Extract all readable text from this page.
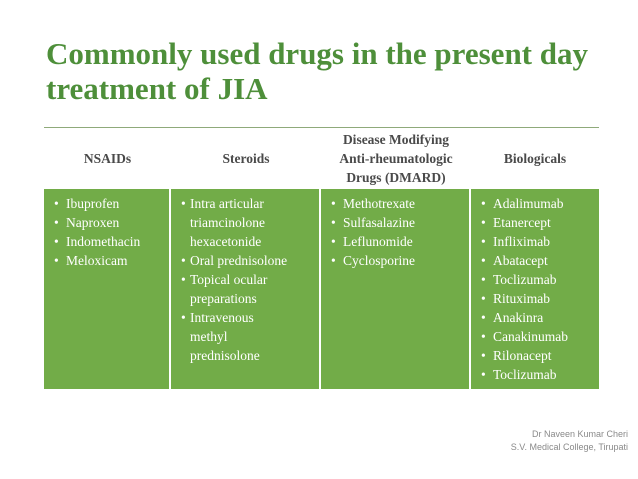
Commonly used drugs in the present day treatment of JIA
NSAIDs	Steroids
Disease Modifying Anti-rheumatologic Drugs (DMARD)
Biologicals
• Ibuprofen
• Naproxen
• Indomethacin
• Meloxicam
• Intra articular triamcinolone hexacetonide
• Oral prednisolone
• Topical ocular preparations
• Intravenous methyl prednisolone
• Methotrexate
• Sulfasalazine
• Leflunomide
• Cyclosporine
• Adalimumab
• Etanercept
• Infliximab
• Abatacept
• Toclizumab
• Rituximab
• Anakinra
• Canakinumab
• Rilonacept
• Toclizumab
Dr Naveen Kumar Cheri
S.V. Medical College, Tirupati
